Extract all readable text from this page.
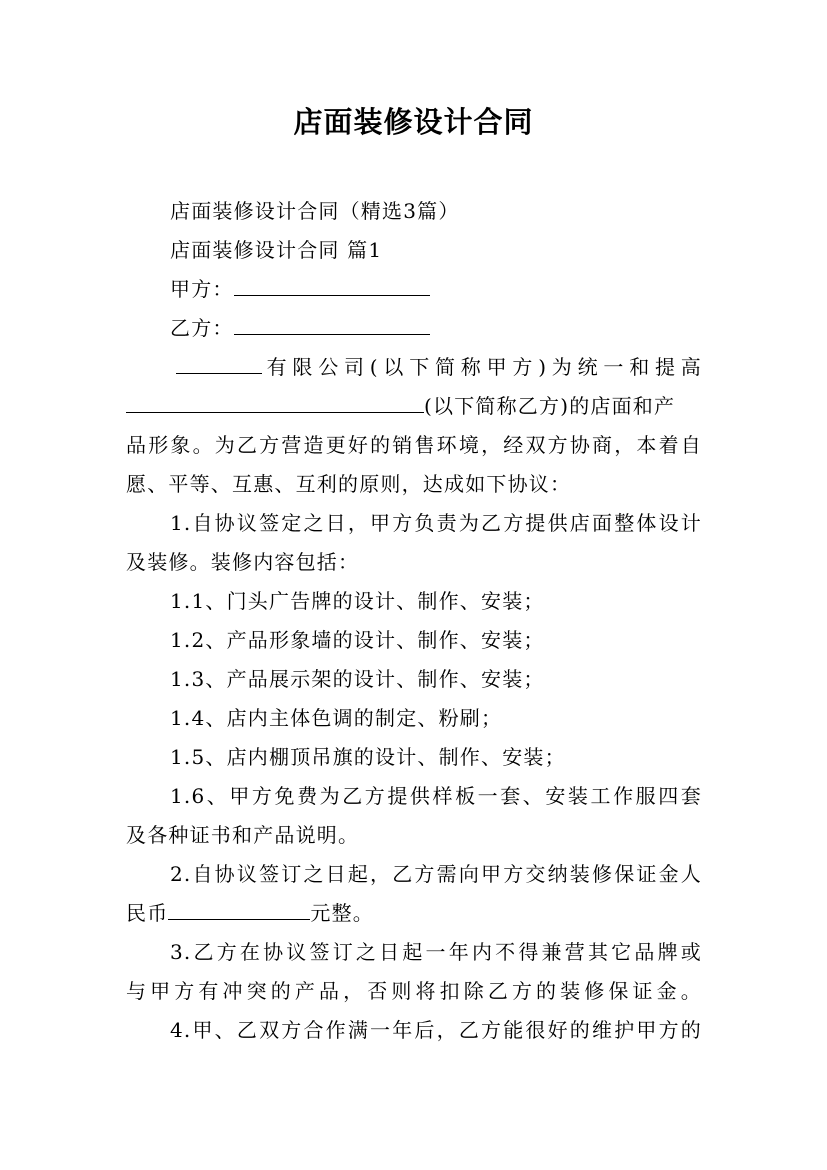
店面装修设计合同
店面装修设计合同（精选3篇）
店面装修设计合同 篇1
甲方：
乙方：
有限公司(以下简称甲方)为统一和提高
(以下简称乙方)的店面和产
品形象。为乙方营造更好的销售环境，经双方协商，本着自
愿、平等、互惠、互利的原则，达成如下协议：
1.自协议签定之日，甲方负责为乙方提供店面整体设计
及装修。装修内容包括：
1.1、门头广告牌的设计、制作、安装；
1.2、产品形象墙的设计、制作、安装；
1.3、产品展示架的设计、制作、安装；
1.4、店内主体色调的制定、粉刷；
1.5、店内棚顶吊旗的设计、制作、安装；
1.6、甲方免费为乙方提供样板一套、安装工作服四套
及各种证书和产品说明。
2.自协议签订之日起，乙方需向甲方交纳装修保证金人
民币	元整。
3.乙方在协议签订之日起一年内不得兼营其它品牌或
与甲方有冲突的产品，否则将扣除乙方的装修保证金。
4.甲、乙双方合作满一年后，乙方能很好的维护甲方的
